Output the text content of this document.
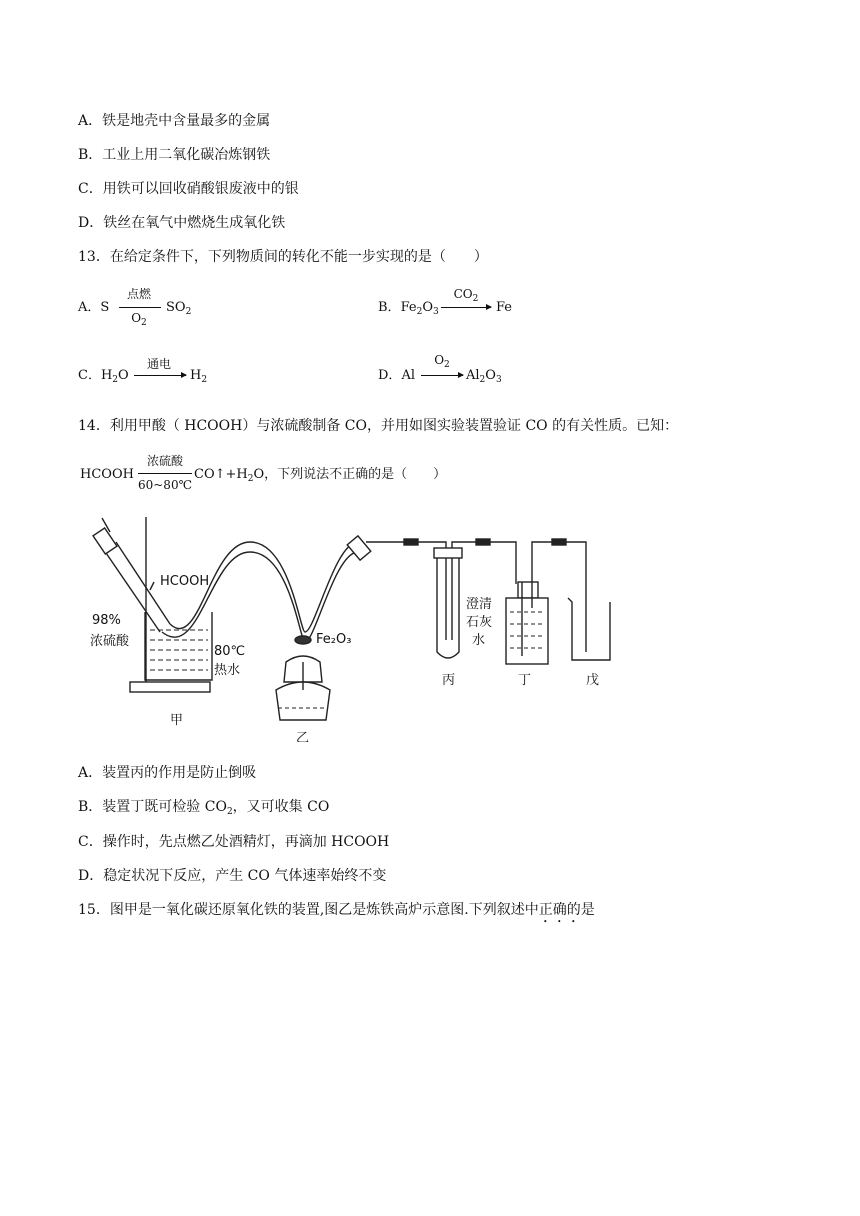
A．铁是地壳中含量最多的金属
B．工业上用二氧化碳冶炼钢铁
C．用铁可以回收硝酸银废液中的银
D．铁丝在氧气中燃烧生成氧化铁
13．在给定条件下，下列物质间的转化不能一步实现的是（　　）
A．S
点燃
$O_2$
$SO_2$	B．$Fe_2O_3$
$CO_2$
Fe
C．$H_2O$
通电
$H_2$	D．Al
$O_2$
$Al_2O_3$
14．利用甲酸（ HCOOH）与浓硫酸制备 CO，并用如图实验装置验证 CO 的有关性质。已知：
HCOOH
浓硫酸
60~80℃
$CO↑+H_2O$，下列说法不正确的是（　　）
HCOOH
98%
浓硫酸
80℃
热水
Fe₂O₃
澄清
石灰
水
甲
乙
丙	丁	戊
A．装置丙的作用是防止倒吸
B．装置丁既可检验 $CO_2$，又可收集 CO
C．操作时，先点燃乙处酒精灯，再滴加 HCOOH
D．稳定状况下反应，产生 CO 气体速率始终不变
15．图甲是一氧化碳还原氧化铁的装置,图乙是炼铁高炉示意图.下列叙述中正确的是
